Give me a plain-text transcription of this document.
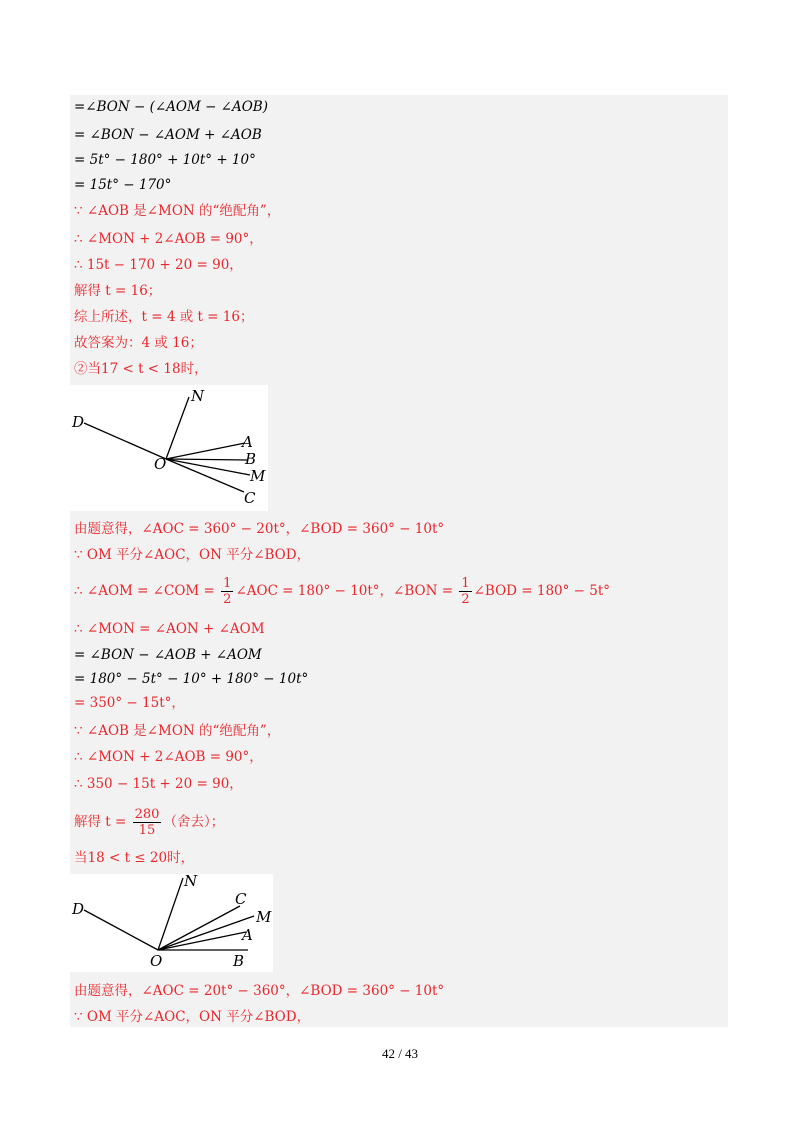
=∠BON − (∠AOM − ∠AOB)
= ∠BON − ∠AOM + ∠AOB
= 5t° − 180° + 10t° + 10°
= 15t° − 170°
∵ ∠AOB 是∠MON 的“绝配角”，
∴ ∠MON + 2∠AOB = 90°，
∴ 15t − 170 + 20 = 90，
解得 t = 16；
综上所述，t = 4 或 t = 16；
故答案为：4 或 16；
②当17 < t < 18时，
N
D
A
B
O
M
C
由题意得，∠AOC = 360° − 20t°，∠BOD = 360° − 10t°
∵ OM 平分∠AOC，ON 平分∠BOD，
∴ ∠AOM = ∠COM = $\frac{1}{2}$ ∠AOC = 180° − 10t°，∠BON = $\frac{1}{2}$ ∠BOD = 180° − 5t°
∴ ∠MON = ∠AON + ∠AOM
= ∠BON − ∠AOB + ∠AOM
= 180° − 5t° − 10° + 180° − 10t°
= 350° − 15t°，
∵ ∠AOB 是∠MON 的“绝配角”，
∴ ∠MON + 2∠AOB = 90°，
∴ 350 − 15t + 20 = 90，
解得 $t = \frac{280}{15}$ （舍去）；
当18 < t ≤ 20时，
N
C
D	M
A
O	B
由题意得，∠AOC = 20t° − 360°，∠BOD = 360° − 10t°
∵ OM 平分∠AOC，ON 平分∠BOD，
42 / 43
